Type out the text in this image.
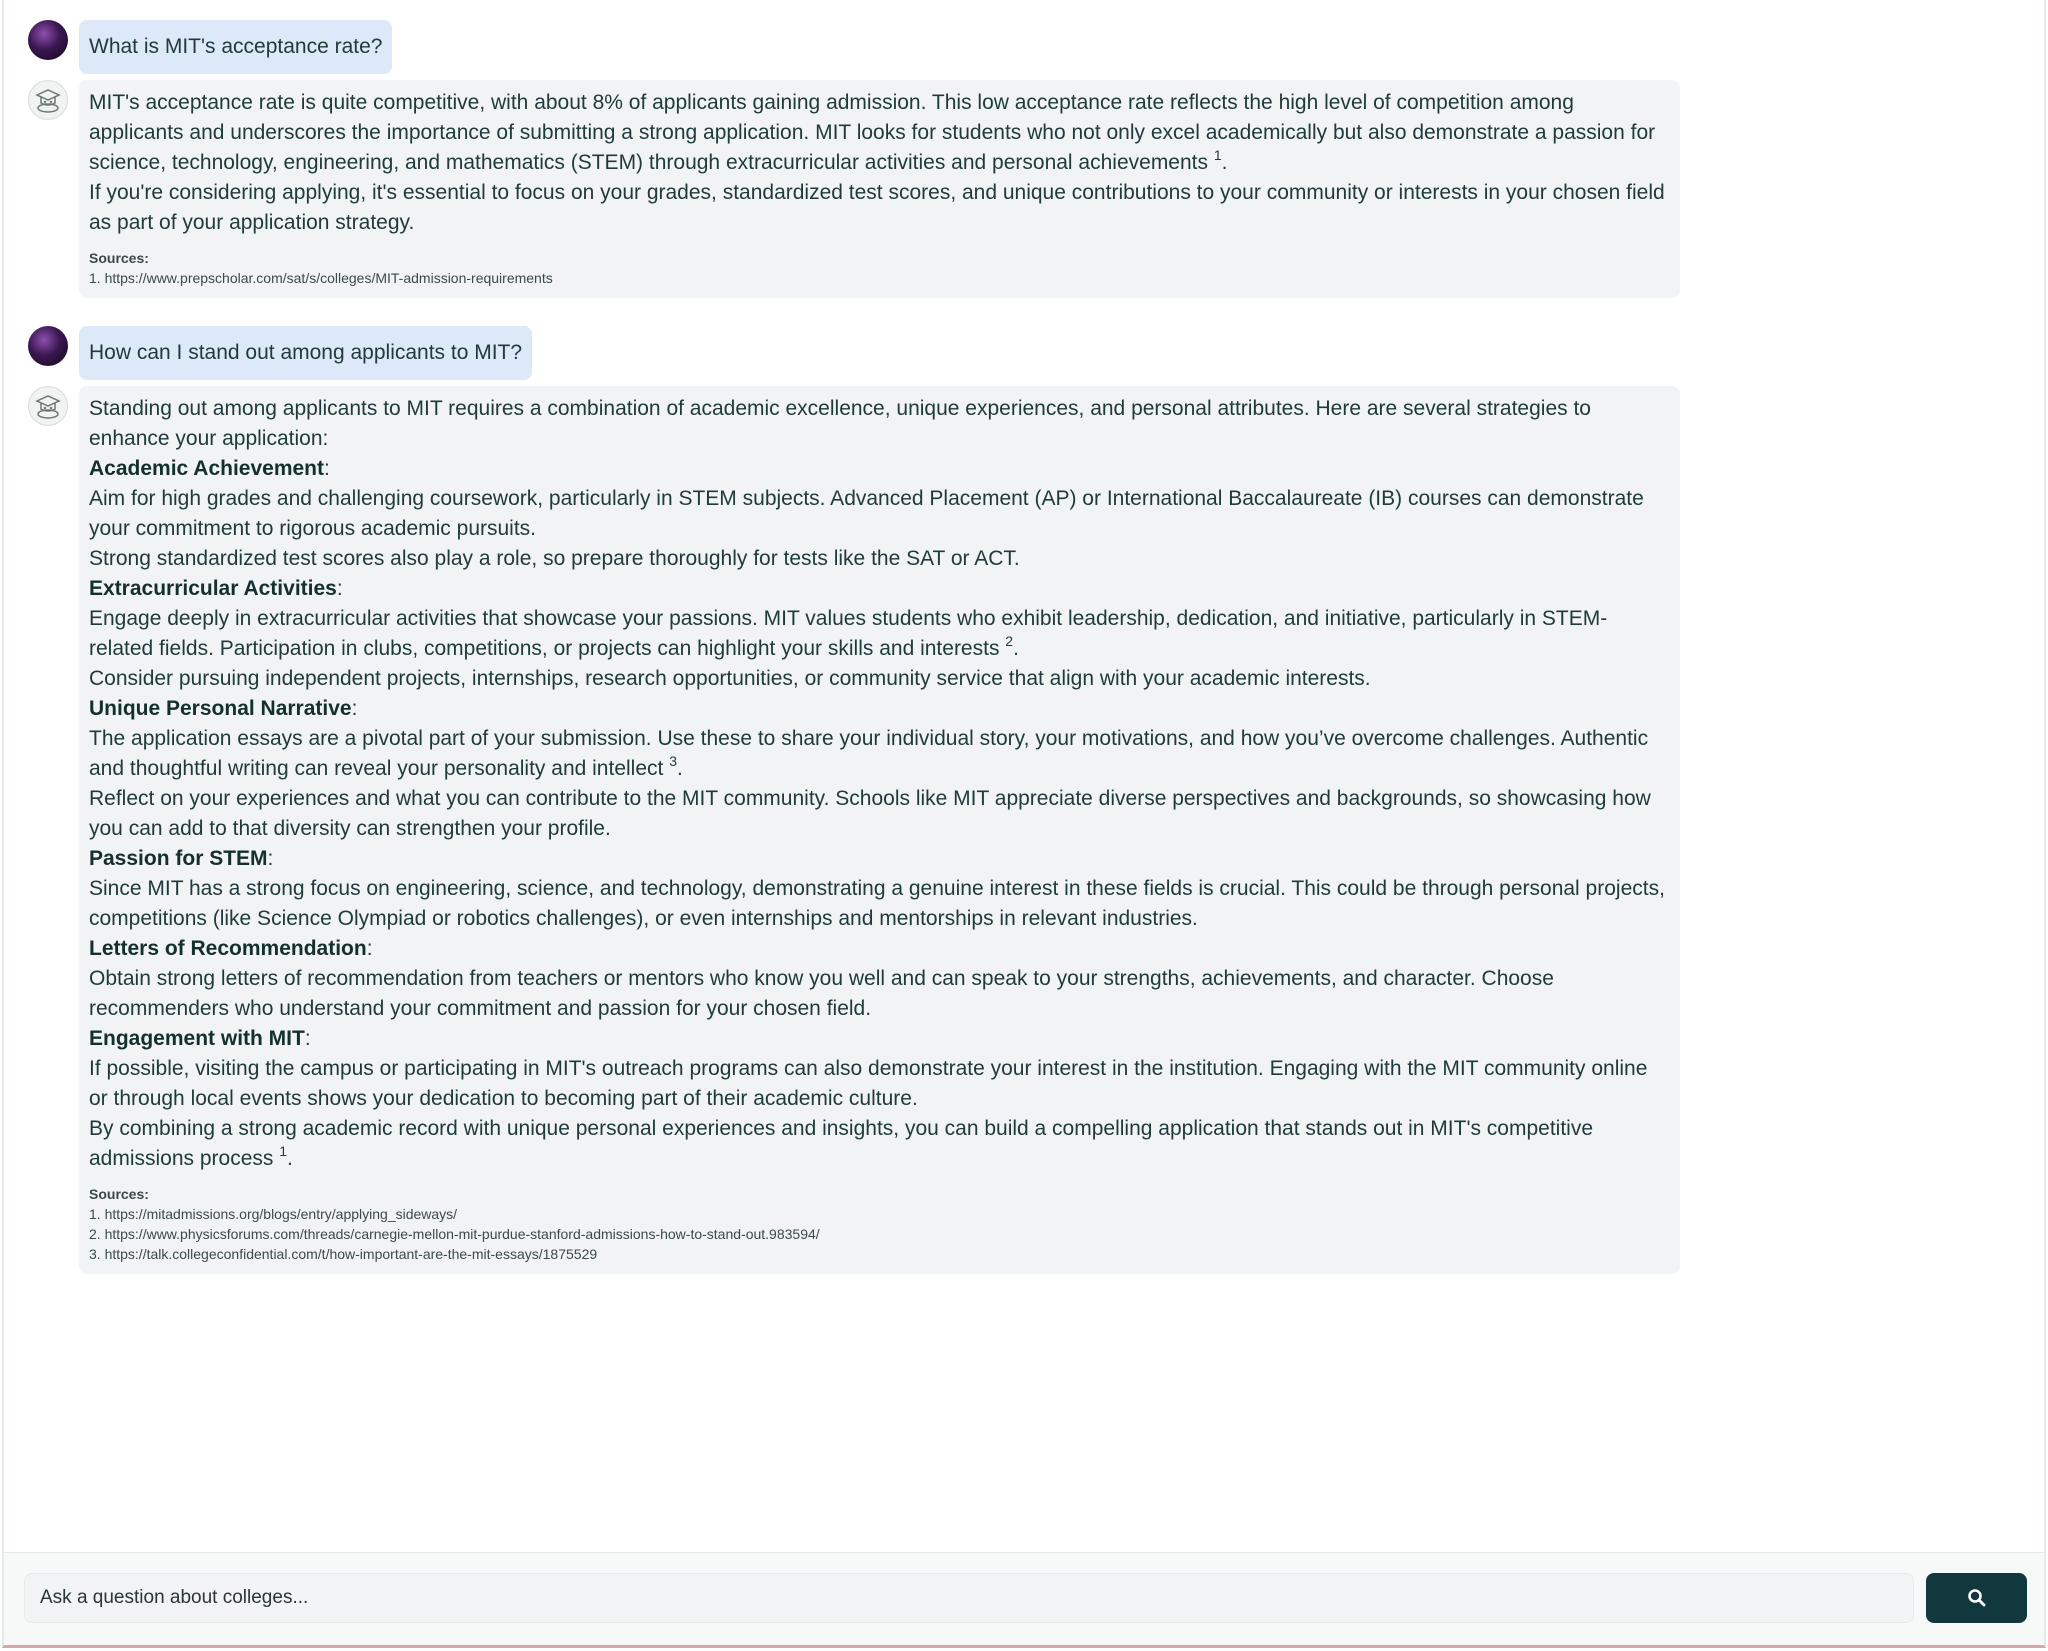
What is MIT's acceptance rate?

MIT's acceptance rate is quite competitive, with about 8% of applicants gaining admission. This low acceptance rate reflects the high level of competition among applicants and underscores the importance of submitting a strong application. MIT looks for students who not only excel academically but also demonstrate a passion for science, technology, engineering, and mathematics (STEM) through extracurricular activities and personal achievements $^1$.

If you're considering applying, it's essential to focus on your grades, standardized test scores, and unique contributions to your community or interests in your chosen field as part of your application strategy.

Sources:
1. https://www.prepscholar.com/sat/s/colleges/MIT-admission-requirements
How can I stand out among applicants to MIT?

Standing out among applicants to MIT requires a combination of academic excellence, unique experiences, and personal attributes. Here are several strategies to enhance your application:

Academic Achievement:

Aim for high grades and challenging coursework, particularly in STEM subjects. Advanced Placement (AP) or International Baccalaureate (IB) courses can demonstrate your commitment to rigorous academic pursuits.

Strong standardized test scores also play a role, so prepare thoroughly for tests like the SAT or ACT.

Extracurricular Activities:

Engage deeply in extracurricular activities that showcase your passions. MIT values students who exhibit leadership, dedication, and initiative, particularly in STEM-related fields. Participation in clubs, competitions, or projects can highlight your skills and interests $^2$.

Consider pursuing independent projects, internships, research opportunities, or community service that align with your academic interests.

Unique Personal Narrative:

The application essays are a pivotal part of your submission. Use these to share your individual story, your motivations, and how you’ve overcome challenges. Authentic and thoughtful writing can reveal your personality and intellect $^3$.

Reflect on your experiences and what you can contribute to the MIT community. Schools like MIT appreciate diverse perspectives and backgrounds, so showcasing how you can add to that diversity can strengthen your profile.

Passion for STEM:

Since MIT has a strong focus on engineering, science, and technology, demonstrating a genuine interest in these fields is crucial. This could be through personal projects, competitions (like Science Olympiad or robotics challenges), or even internships and mentorships in relevant industries.

Letters of Recommendation:

Obtain strong letters of recommendation from teachers or mentors who know you well and can speak to your strengths, achievements, and character. Choose recommenders who understand your commitment and passion for your chosen field.

Engagement with MIT:

If possible, visiting the campus or participating in MIT's outreach programs can also demonstrate your interest in the institution. Engaging with the MIT community online or through local events shows your dedication to becoming part of their academic culture.

By combining a strong academic record with unique personal experiences and insights, you can build a compelling application that stands out in MIT's competitive admissions process $^1$.

Sources:
1. https://mitadmissions.org/blogs/entry/applying_sideways/
2. https://www.physicsforums.com/threads/carnegie-mellon-mit-purdue-stanford-admissions-how-to-stand-out.983594/
3. https://talk.collegeconfidential.com/t/how-important-are-the-mit-essays/1875529
Ask a question about colleges...
